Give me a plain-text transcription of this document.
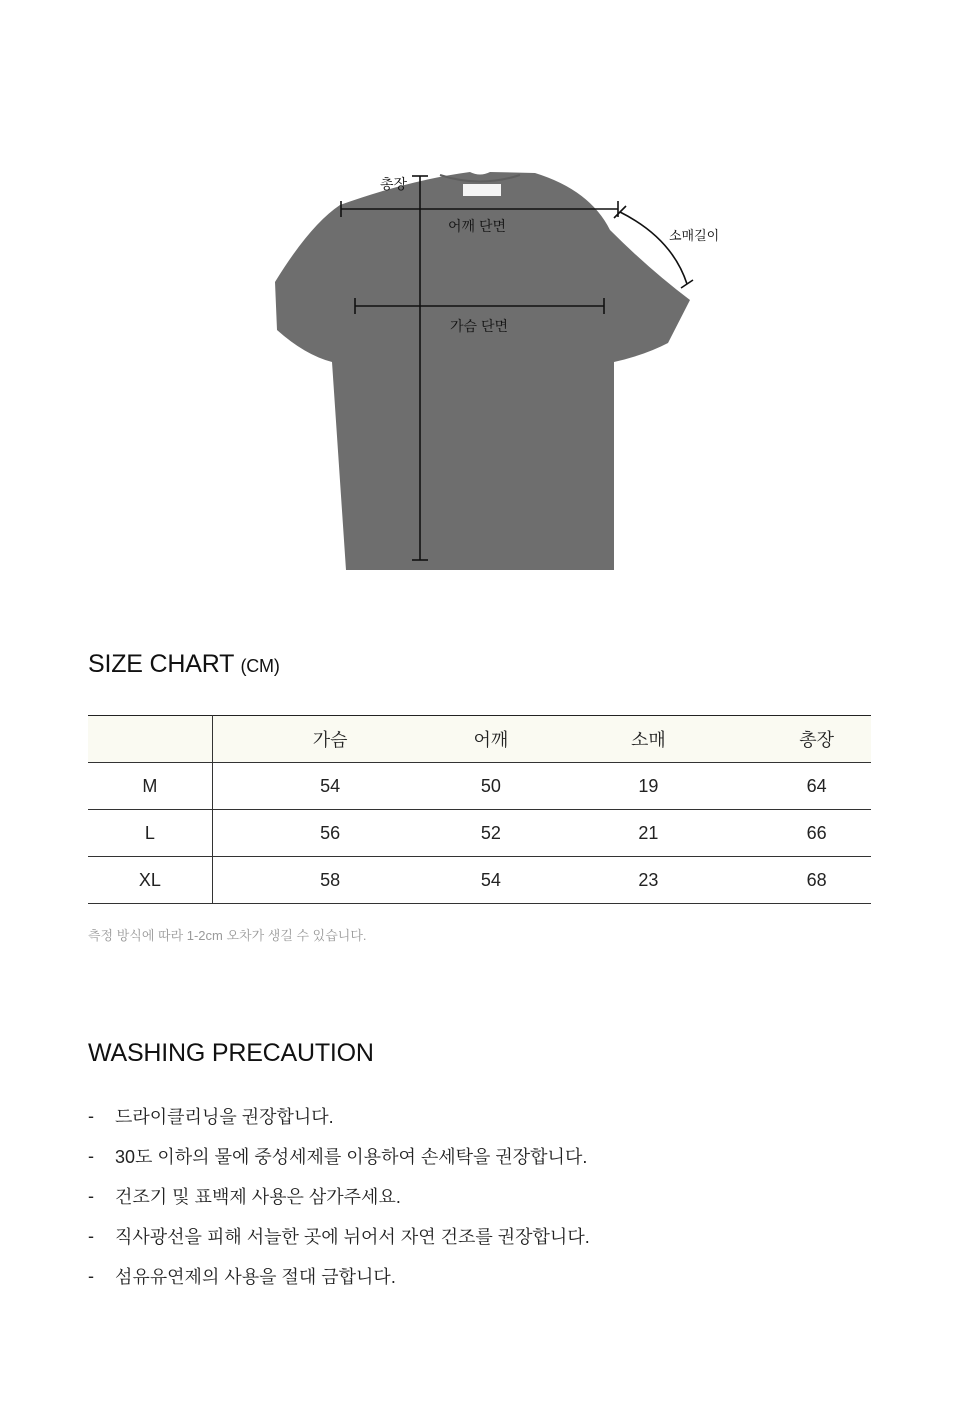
총장
어깨 단면
가슴 단면
소매길이
SIZE CHART (CM)
	가슴	어깨	소매	총장
M	54	50	19	64
L	56	52	21	66
XL	58	54	23	68
측정 방식에 따라 1-2cm 오차가 생길 수 있습니다.
WASHING PRECAUTION
-	드라이클리닝을 권장합니다.
-	30도 이하의 물에 중성세제를 이용하여 손세탁을 권장합니다.
-	건조기 및 표백제 사용은 삼가주세요.
-	직사광선을 피해 서늘한 곳에 뉘어서 자연 건조를 권장합니다.
-	섬유유연제의 사용을 절대 금합니다.
